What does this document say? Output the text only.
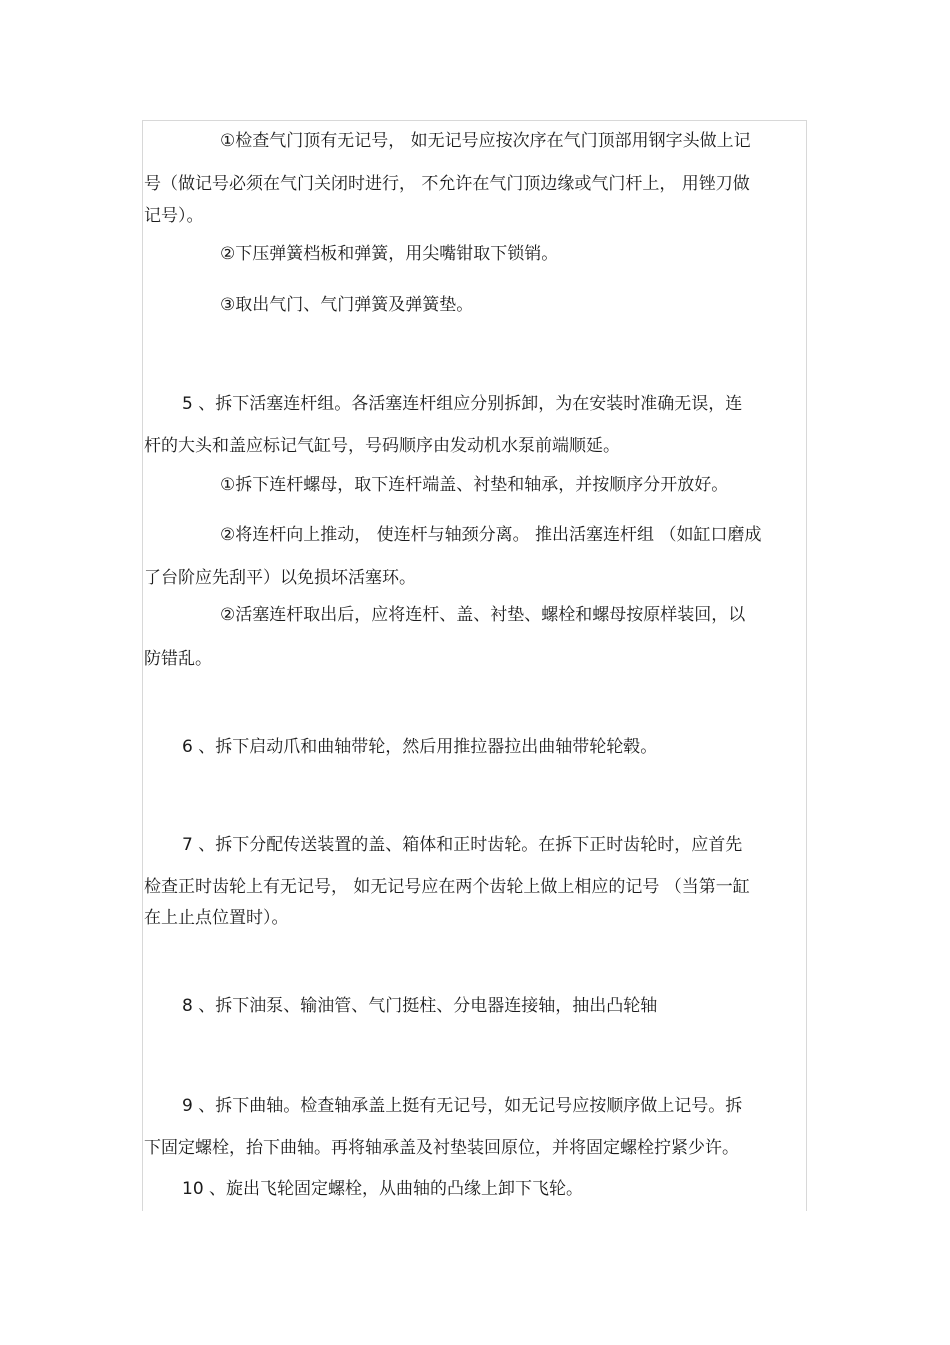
①检查气门顶有无记号， 如无记号应按次序在气门顶部用钢字头做上记
号（做记号必须在气门关闭时进行， 不允许在气门顶边缘或气门杆上， 用锉刀做
记号）。
②下压弹簧档板和弹簧，用尖嘴钳取下锁销。
③取出气门、气门弹簧及弹簧垫。
5 、拆下活塞连杆组。各活塞连杆组应分别拆卸，为在安装时准确无误，连
杆的大头和盖应标记气缸号，号码顺序由发动机水泵前端顺延。
①拆下连杆螺母，取下连杆端盖、衬垫和轴承，并按顺序分开放好。
②将连杆向上推动， 使连杆与轴颈分离。 推出活塞连杆组 （如缸口磨成
了台阶应先刮平）以免损坏活塞环。
②活塞连杆取出后，应将连杆、盖、衬垫、螺栓和螺母按原样装回，以
防错乱。
6 、拆下启动爪和曲轴带轮，然后用推拉器拉出曲轴带轮轮毂。
7 、拆下分配传送装置的盖、箱体和正时齿轮。在拆下正时齿轮时，应首先
检查正时齿轮上有无记号， 如无记号应在两个齿轮上做上相应的记号 （当第一缸
在上止点位置时）。
8 、拆下油泵、输油管、气门挺柱、分电器连接轴，抽出凸轮轴
9 、拆下曲轴。检查轴承盖上挺有无记号，如无记号应按顺序做上记号。拆
下固定螺栓，抬下曲轴。再将轴承盖及衬垫装回原位，并将固定螺栓拧紧少许。
10 、旋出飞轮固定螺栓，从曲轴的凸缘上卸下飞轮。
